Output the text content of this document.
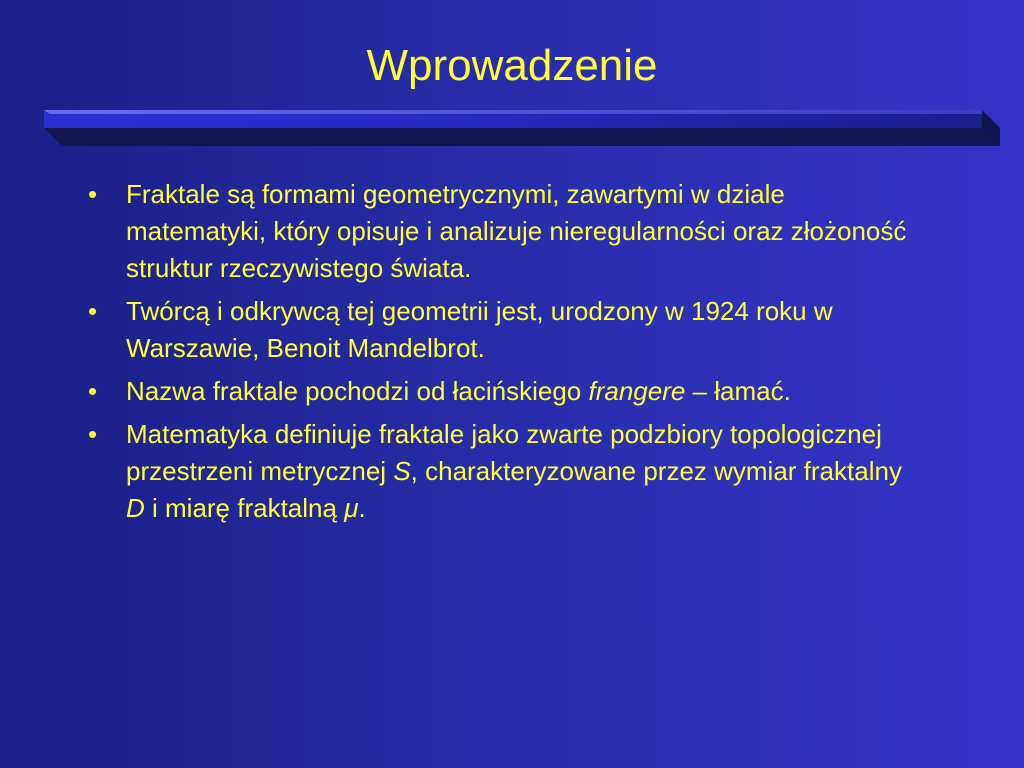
Wprowadzenie
• Fraktale są formami geometrycznymi, zawartymi w dziale matematyki, który opisuje i analizuje nieregularności oraz złożoność struktur rzeczywistego świata.
• Twórcą i odkrywcą tej geometrii jest, urodzony w 1924 roku w Warszawie, Benoit Mandelbrot.
• Nazwa fraktale pochodzi od łacińskiego frangere – łamać.
• Matematyka definiuje fraktale jako zwarte podzbiory topologicznej przestrzeni metrycznej S, charakteryzowane przez wymiar fraktalny D i miarę fraktalną μ.
